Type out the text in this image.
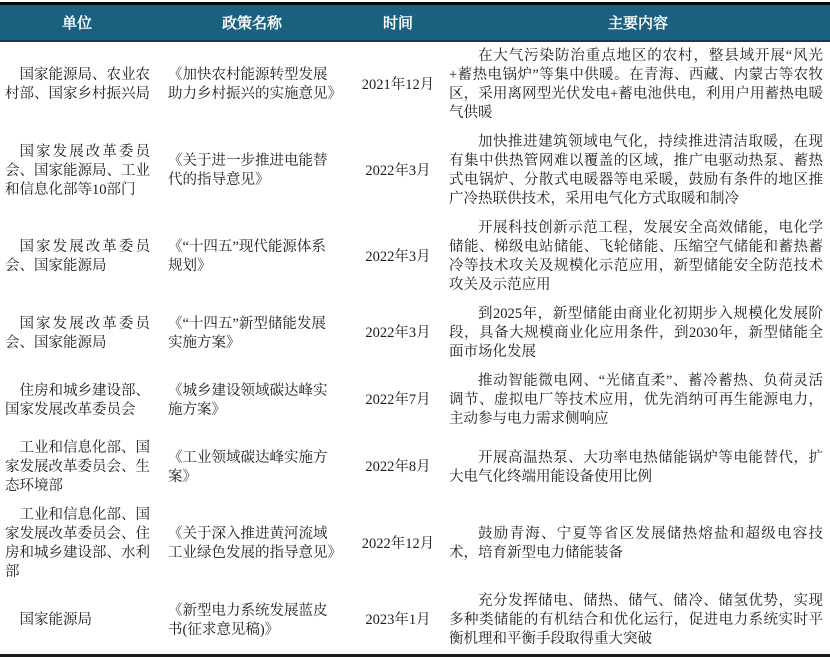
单位	政策名称	时间	主要内容
国家能源局、农业农村部、国家乡村振兴局	《加快农村能源转型发展助力乡村振兴的实施意见》	2021年12月	在大气污染防治重点地区的农村，整县域开展“风光+蓄热电锅炉”等集中供暖。在青海、西藏、内蒙古等农牧区，采用离网型光伏发电+蓄电池供电，利用户用蓄热电暖气供暖
国家发展改革委员会、国家能源局、工业和信息化部等10部门	《关于进一步推进电能替代的指导意见》	2022年3月	加快推进建筑领域电气化，持续推进清洁取暖，在现有集中供热管网难以覆盖的区域，推广电驱动热泵、蓄热式电锅炉、分散式电暖器等电采暖，鼓励有条件的地区推广冷热联供技术，采用电气化方式取暖和制冷
国家发展改革委员会、国家能源局	《“十四五”现代能源体系规划》	2022年3月	开展科技创新示范工程，发展安全高效储能，电化学储能、梯级电站储能、飞轮储能、压缩空气储能和蓄热蓄冷等技术攻关及规模化示范应用，新型储能安全防范技术攻关及示范应用
国家发展改革委员会、国家能源局	《“十四五”新型储能发展实施方案》	2022年3月	到2025年，新型储能由商业化初期步入规模化发展阶段，具备大规模商业化应用条件，到2030年，新型储能全面市场化发展
住房和城乡建设部、国家发展改革委员会	《城乡建设领域碳达峰实施方案》	2022年7月	推动智能微电网、“光储直柔”、蓄冷蓄热、负荷灵活调节、虚拟电厂等技术应用，优先消纳可再生能源电力，主动参与电力需求侧响应
工业和信息化部、国家发展改革委员会、生态环境部	《工业领域碳达峰实施方案》	2022年8月	开展高温热泵、大功率电热储能锅炉等电能替代，扩大电气化终端用能设备使用比例
工业和信息化部、国家发展改革委员会、住房和城乡建设部、水利部	《关于深入推进黄河流域工业绿色发展的指导意见》	2022年12月	鼓励青海、宁夏等省区发展储热熔盐和超级电容技术，培育新型电力储能装备
国家能源局	《新型电力系统发展蓝皮书(征求意见稿)》	2023年1月	充分发挥储电、储热、储气、储冷、储氢优势，实现多种类储能的有机结合和优化运行，促进电力系统实时平衡机理和平衡手段取得重大突破
